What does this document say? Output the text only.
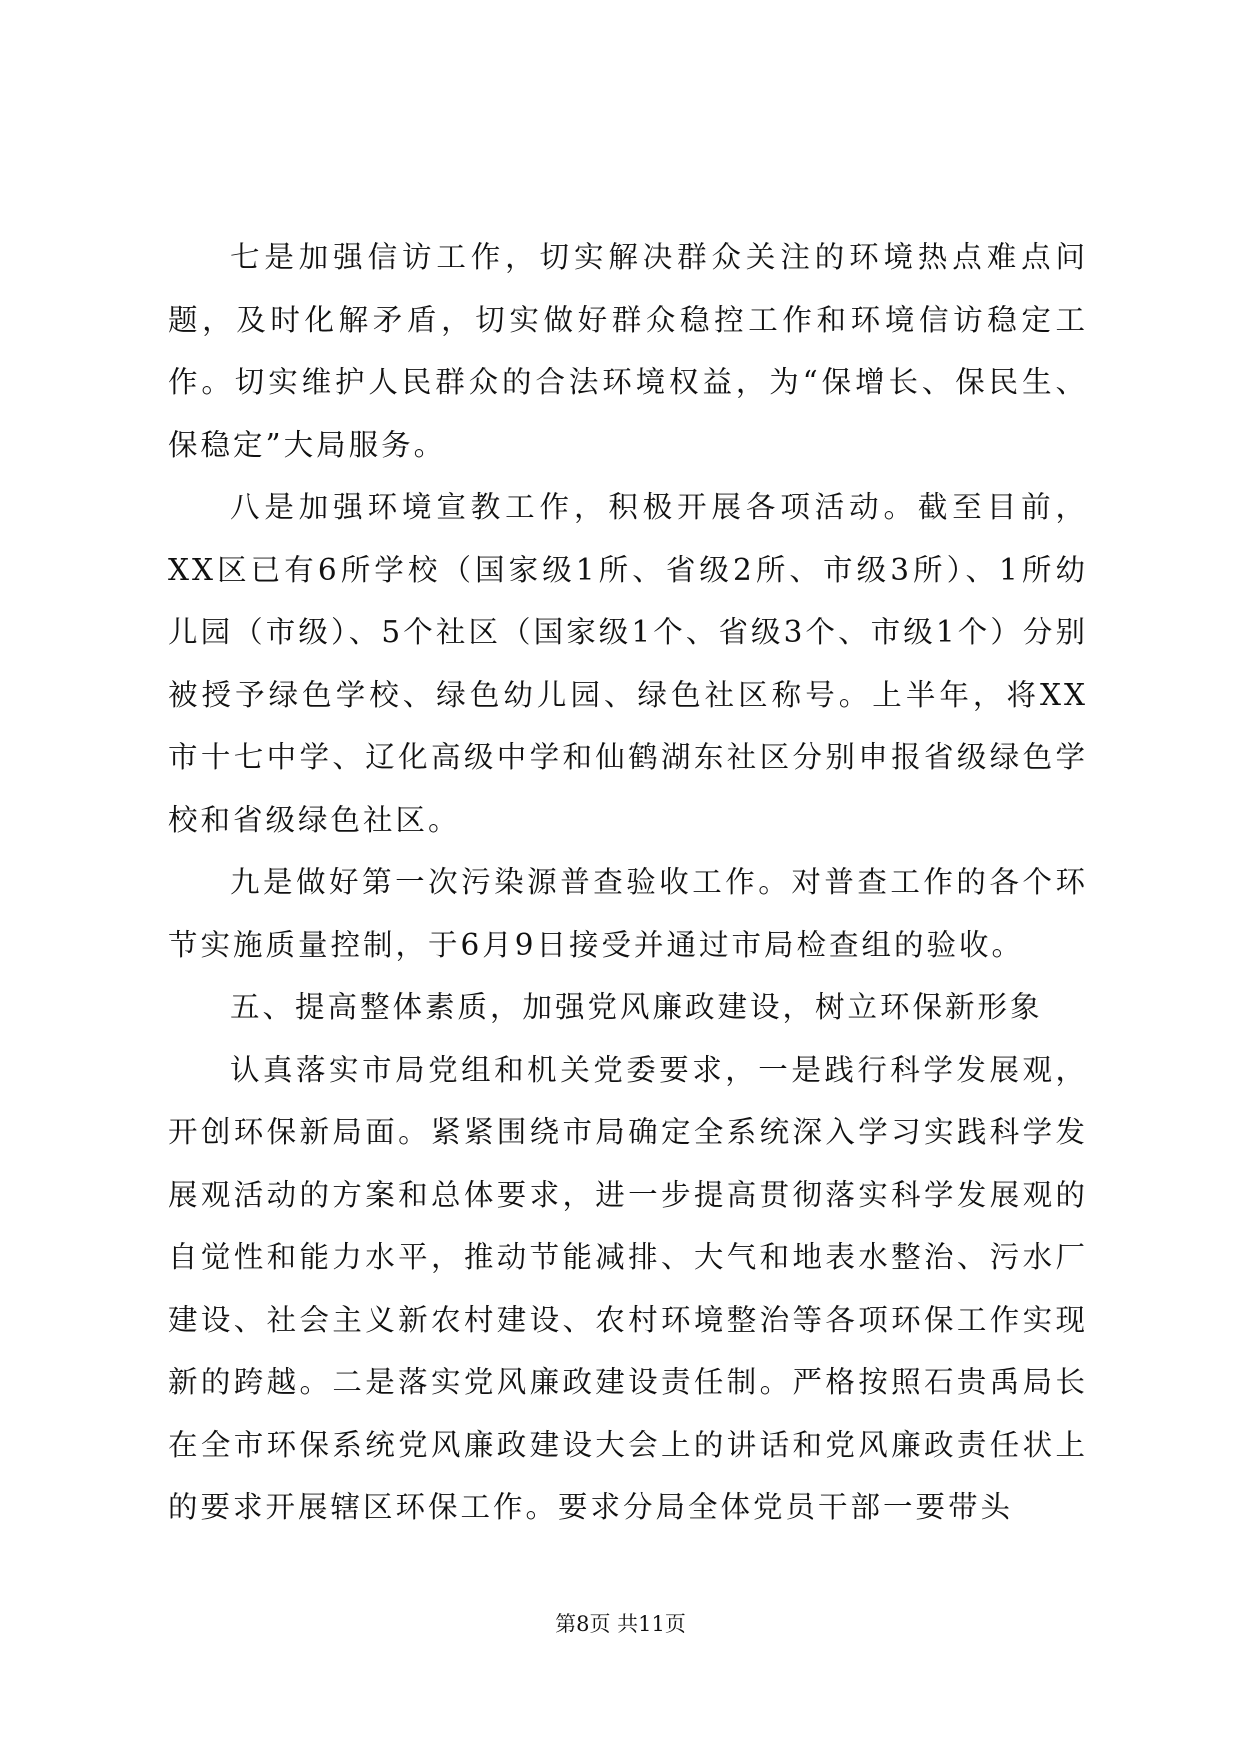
七是加强信访工作，切实解决群众关注的环境热点难点问题，及时化解矛盾，切实做好群众稳控工作和环境信访稳定工作。切实维护人民群众的合法环境权益，为“保增长、保民生、保稳定”大局服务。

八是加强环境宣教工作，积极开展各项活动。截至目前，XX区已有6所学校（国家级1所、省级2所、市级3所）、1所幼儿园（市级）、5个社区（国家级1个、省级3个、市级1个）分别被授予绿色学校、绿色幼儿园、绿色社区称号。上半年，将XX市十七中学、辽化高级中学和仙鹤湖东社区分别申报省级绿色学校和省级绿色社区。

九是做好第一次污染源普查验收工作。对普查工作的各个环节实施质量控制，于6月9日接受并通过市局检查组的验收。

五、提高整体素质，加强党风廉政建设，树立环保新形象

认真落实市局党组和机关党委要求，一是践行科学发展观，开创环保新局面。紧紧围绕市局确定全系统深入学习实践科学发展观活动的方案和总体要求，进一步提高贯彻落实科学发展观的自觉性和能力水平，推动节能减排、大气和地表水整治、污水厂建设、社会主义新农村建设、农村环境整治等各项环保工作实现新的跨越。二是落实党风廉政建设责任制。严格按照石贵禹局长在全市环保系统党风廉政建设大会上的讲话和党风廉政责任状上的要求开展辖区环保工作。要求分局全体党员干部一要带头

第8页 共11页
